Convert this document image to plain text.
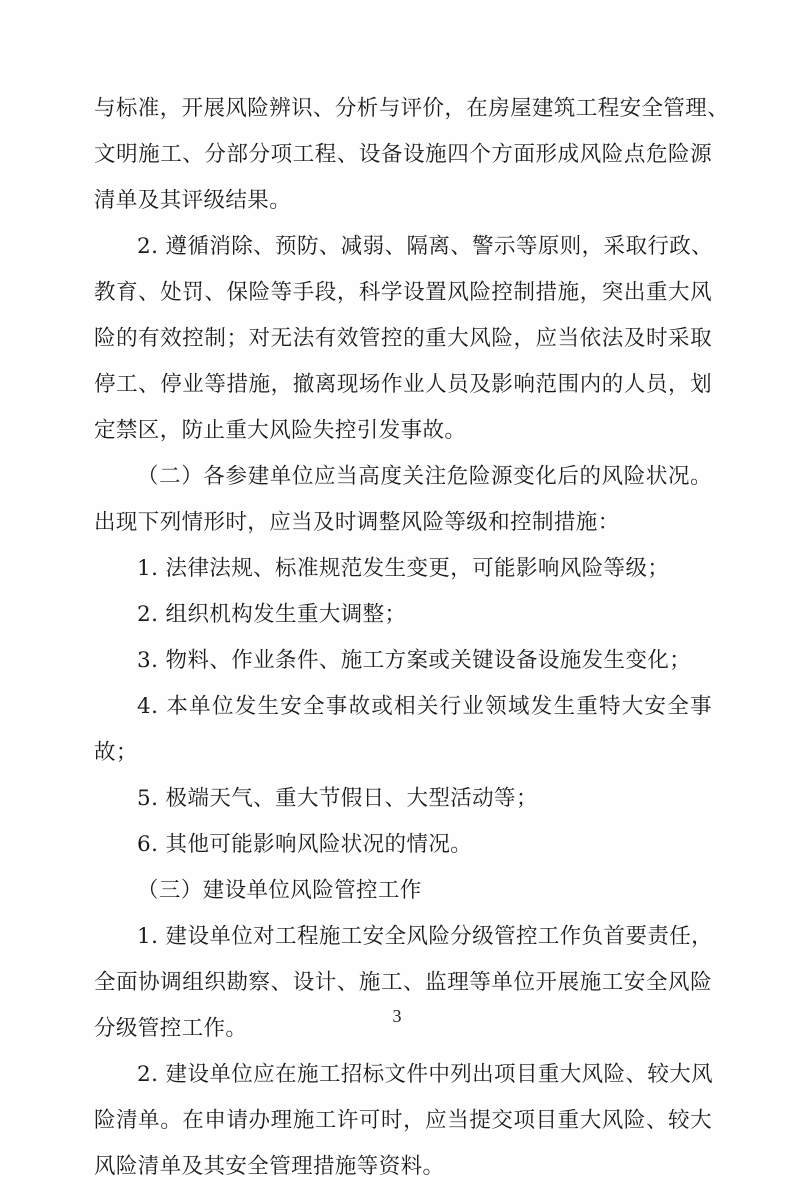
与标准，开展风险辨识、分析与评价，在房屋建筑工程安全管理、
文明施工、分部分项工程、设备设施四个方面形成风险点危险源
清单及其评级结果。
2. 遵循消除、预防、减弱、隔离、警示等原则，采取行政、
教育、处罚、保险等手段，科学设置风险控制措施，突出重大风
险的有效控制；对无法有效管控的重大风险，应当依法及时采取
停工、停业等措施，撤离现场作业人员及影响范围内的人员，划
定禁区，防止重大风险失控引发事故。
（二）各参建单位应当高度关注危险源变化后的风险状况。
出现下列情形时，应当及时调整风险等级和控制措施：
1. 法律法规、标准规范发生变更，可能影响风险等级；
2. 组织机构发生重大调整；
3. 物料、作业条件、施工方案或关键设备设施发生变化；
4. 本单位发生安全事故或相关行业领域发生重特大安全事
故；
5. 极端天气、重大节假日、大型活动等；
6. 其他可能影响风险状况的情况。
（三）建设单位风险管控工作
1. 建设单位对工程施工安全风险分级管控工作负首要责任，
全面协调组织勘察、设计、施工、监理等单位开展施工安全风险
分级管控工作。
2. 建设单位应在施工招标文件中列出项目重大风险、较大风
险清单。在申请办理施工许可时，应当提交项目重大风险、较大
风险清单及其安全管理措施等资料。
3
